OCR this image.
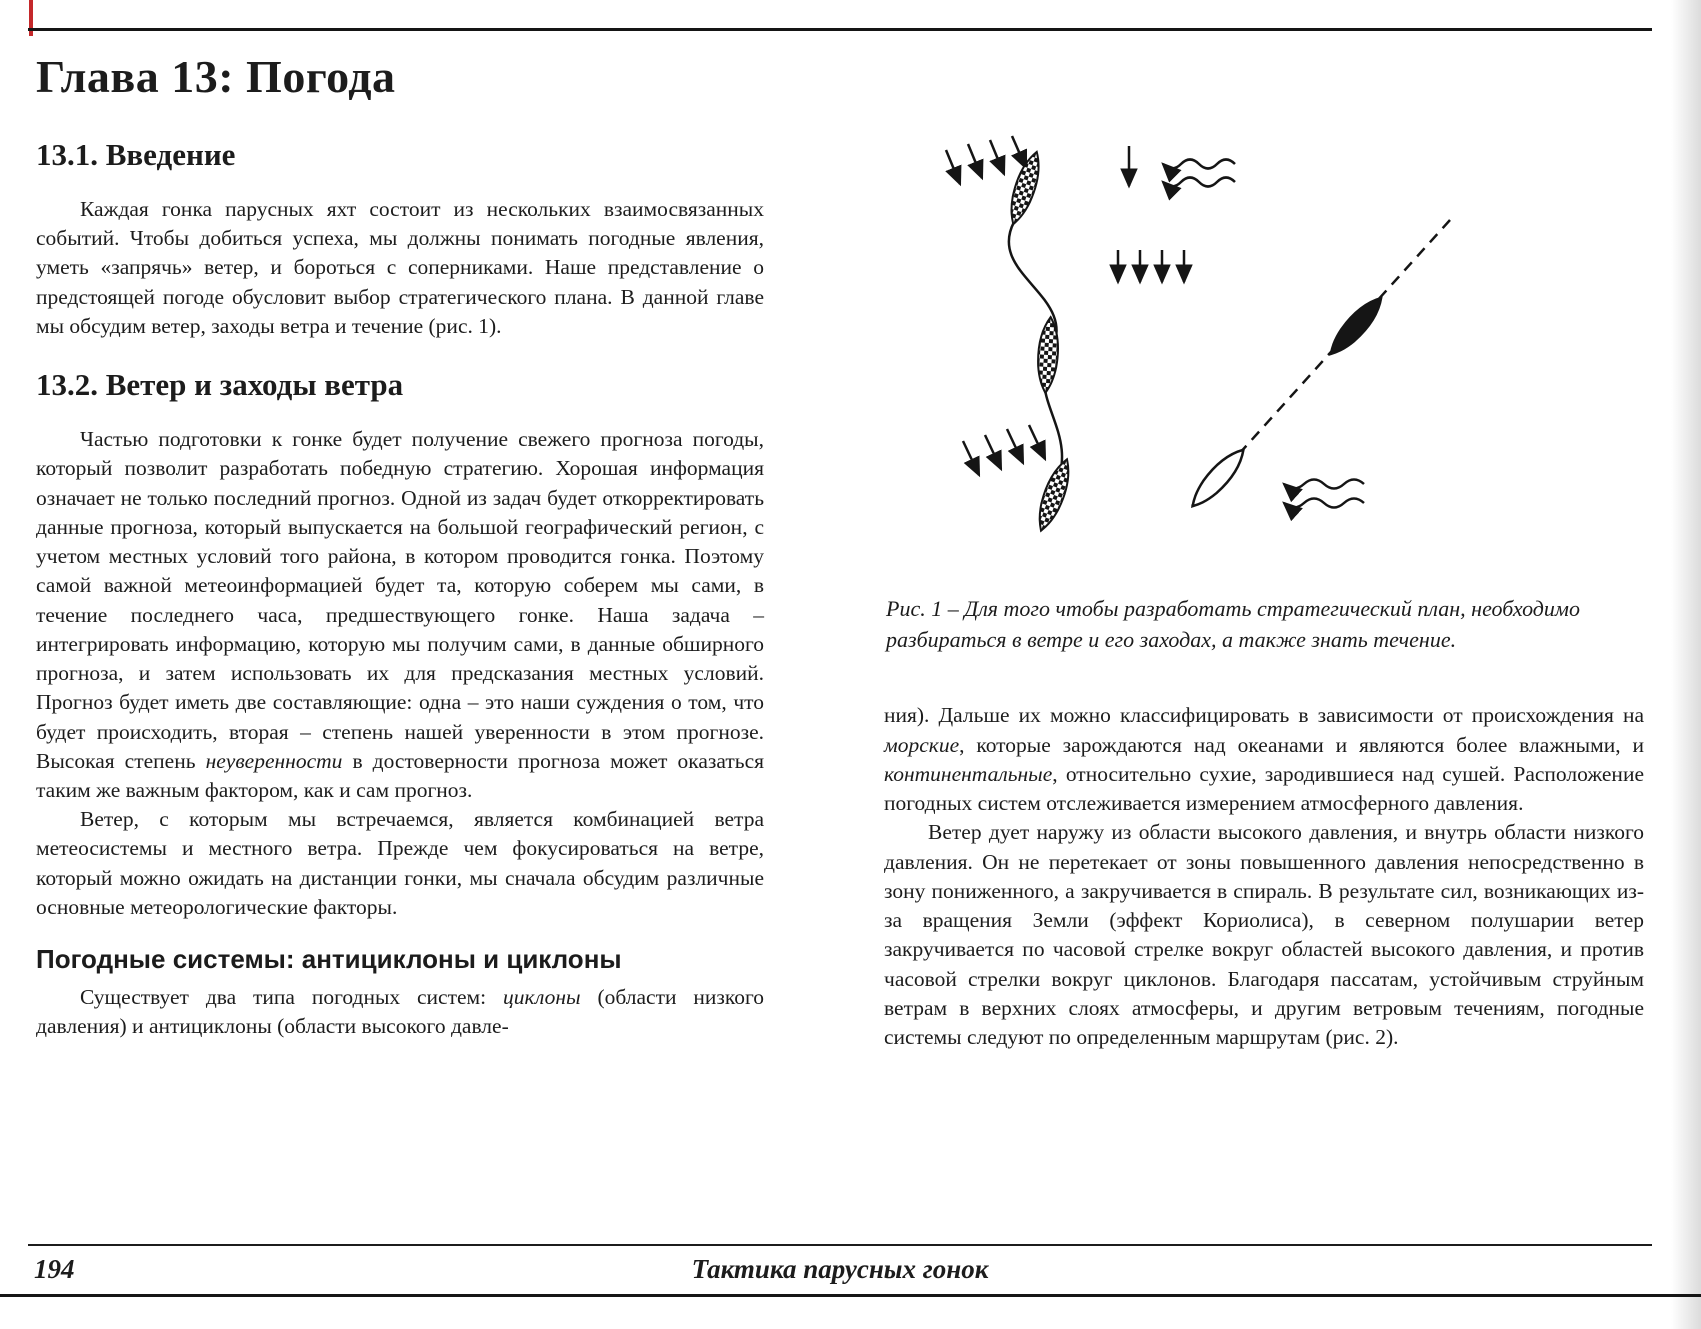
Глава 13: Погода
13.1. Введение

Каждая гонка парусных яхт состоит из нескольких взаимосвязанных событий. Чтобы добиться успеха, мы должны понимать погодные явления, уметь «запрячь» ветер, и бороться с соперниками. Наше представление о предстоящей погоде обусловит выбор стратегического плана. В данной главе мы обсудим ветер, заходы ветра и течение (рис. 1).

13.2. Ветер и заходы ветра

Частью подготовки к гонке будет получение свежего прогноза погоды, который позволит разработать победную стратегию. Хорошая информация означает не только последний прогноз. Одной из задач будет откорректировать данные прогноза, который выпускается на большой географический регион, с учетом местных условий того района, в котором проводится гонка. Поэтому самой важной метеоинформацией будет та, которую соберем мы сами, в течение последнего часа, предшествующего гонке. Наша задача – интегрировать информацию, которую мы получим сами, в данные обширного прогноза, и затем использовать их для предсказания местных условий. Прогноз будет иметь две составляющие: одна – это наши суждения о том, что будет происходить, вторая – степень нашей уверенности в этом прогнозе. Высокая степень неуверенности в достоверности прогноза может оказаться таким же важным фактором, как и сам прогноз.

Ветер, с которым мы встречаемся, является комбинацией ветра метеосистемы и местного ветра. Прежде чем фокусироваться на ветре, который можно ожидать на дистанции гонки, мы сначала обсудим различные основные метеорологические факторы.

Погодные системы: антициклоны и циклоны

Существует два типа погодных систем: циклоны (области низкого давления) и антициклоны (области высокого давле-

Рис. 1 – Для того чтобы разработать стратегический план, необходимо разбираться в ветре и его заходах, а также знать течение.

ния). Дальше их можно классифицировать в зависимости от происхождения на морские, которые зарождаются над океанами и являются более влажными, и континентальные, относительно сухие, зародившиеся над сушей. Расположение погодных систем отслеживается измерением атмосферного давления.

Ветер дует наружу из области высокого давления, и внутрь области низкого давления. Он не перетекает от зоны повышенного давления непосредственно в зону пониженного, а закручивается в спираль. В результате сил, возникающих из-за вращения Земли (эффект Кориолиса), в северном полушарии ветер закручивается по часовой стрелке вокруг областей высокого давления, и против часовой стрелки вокруг циклонов. Благодаря пассатам, устойчивым струйным ветрам в верхних слоях атмосферы, и другим ветровым течениям, погодные системы следуют по определенным маршрутам (рис. 2).

194	Тактика парусных гонок
